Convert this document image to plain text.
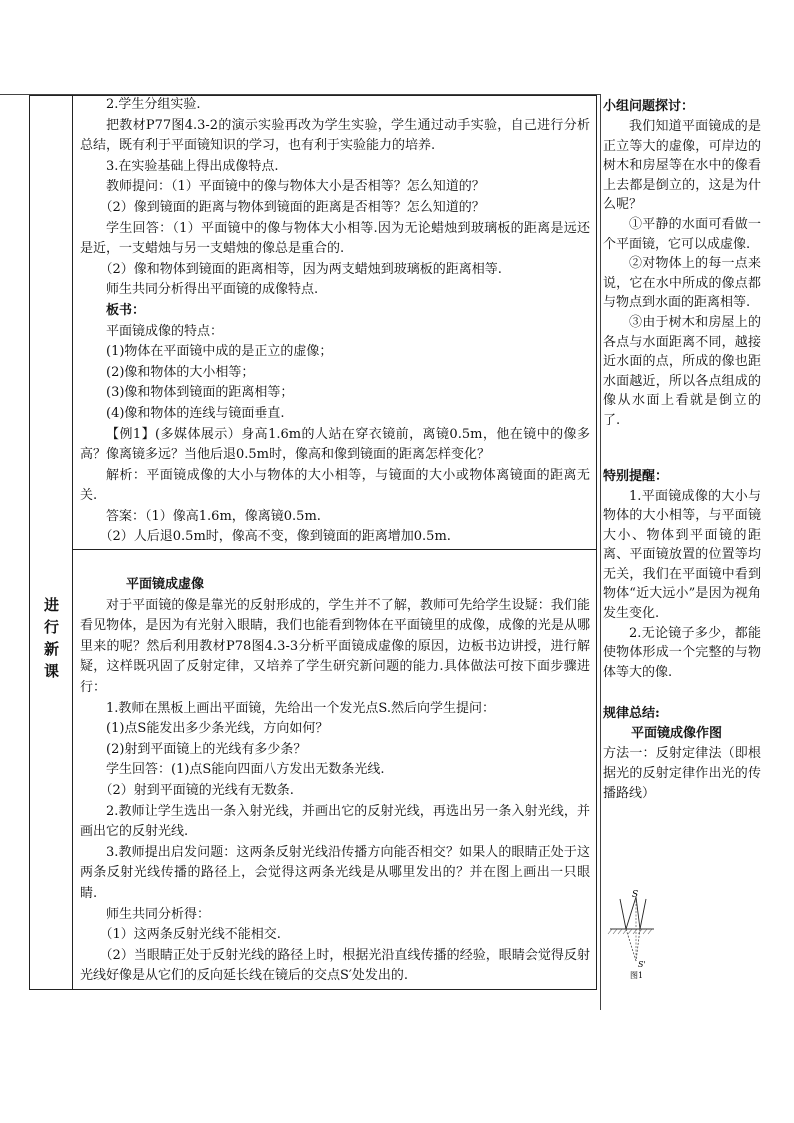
进
行
新
课

2.学生分组实验.

把教材P77图4.3-2的演示实验再改为学生实验，学生通过动手实验，自己进行分析总结，既有利于平面镜知识的学习，也有利于实验能力的培养.

3.在实验基础上得出成像特点.

教师提问：（1）平面镜中的像与物体大小是否相等？怎么知道的？

（2）像到镜面的距离与物体到镜面的距离是否相等？怎么知道的？

学生回答：（1）平面镜中的像与物体大小相等.因为无论蜡烛到玻璃板的距离是远还是近，一支蜡烛与另一支蜡烛的像总是重合的.

（2）像和物体到镜面的距离相等，因为两支蜡烛到玻璃板的距离相等.

师生共同分析得出平面镜的成像特点.

板书：

平面镜成像的特点：

(1)物体在平面镜中成的是正立的虚像；

(2)像和物体的大小相等；

(3)像和物体到镜面的距离相等；

(4)像和物体的连线与镜面垂直.

【例1】(多媒体展示）身高1.6m的人站在穿衣镜前，离镜0.5m，他在镜中的像多高？像离镜多远？当他后退0.5m时，像高和像到镜面的距离怎样变化？

解析：平面镜成像的大小与物体的大小相等，与镜面的大小或物体离镜面的距离无关.

答案：（1）像高1.6m，像离镜0.5m.

（2）人后退0.5m时，像高不变，像到镜面的距离增加0.5m.

平面镜成虚像

对于平面镜的像是靠光的反射形成的，学生并不了解，教师可先给学生设疑：我们能看见物体，是因为有光射入眼睛，我们也能看到物体在平面镜里的成像，成像的光是从哪里来的呢？然后利用教材P78图4.3-3分析平面镜成虚像的原因，边板书边讲授，进行解疑，这样既巩固了反射定律，又培养了学生研究新问题的能力.具体做法可按下面步骤进行：

1.教师在黑板上画出平面镜，先给出一个发光点S.然后向学生提问：

(1)点S能发出多少条光线，方向如何？

(2)射到平面镜上的光线有多少条？

学生回答：(1)点S能向四面八方发出无数条光线.

（2）射到平面镜的光线有无数条.

2.教师让学生选出一条入射光线，并画出它的反射光线，再选出另一条入射光线，并画出它的反射光线.

3.教师提出启发问题：这两条反射光线沿传播方向能否相交？如果人的眼睛正处于这两条反射光线传播的路径上，会觉得这两条光线是从哪里发出的？并在图上画出一只眼睛.

师生共同分析得：

（1）这两条反射光线不能相交.

（2）当眼睛正处于反射光线的路径上时，根据光沿直线传播的经验，眼睛会觉得反射光线好像是从它们的反向延长线在镜后的交点S′处发出的.

小组问题探讨：

我们知道平面镜成的是正立等大的虚像，可岸边的树木和房屋等在水中的像看上去都是倒立的，这是为什么呢？

①平静的水面可看做一个平面镜，它可以成虚像.

②对物体上的每一点来说，它在水中所成的像点都与物点到水面的距离相等.

③由于树木和房屋上的各点与水面距离不同，越接近水面的点，所成的像也距水面越近，所以各点组成的像从水面上看就是倒立的了.

特别提醒：

1.平面镜成像的大小与物体的大小相等，与平面镜大小、物体到平面镜的距离、平面镜放置的位置等均无关，我们在平面镜中看到物体“近大远小”是因为视角发生变化.

2.无论镜子多少，都能使物体形成一个完整的与物体等大的像.

规律总结:

平面镜成像作图

方法一：反射定律法（即根据光的反射定律作出光的传播路线）

S
S'
图1
